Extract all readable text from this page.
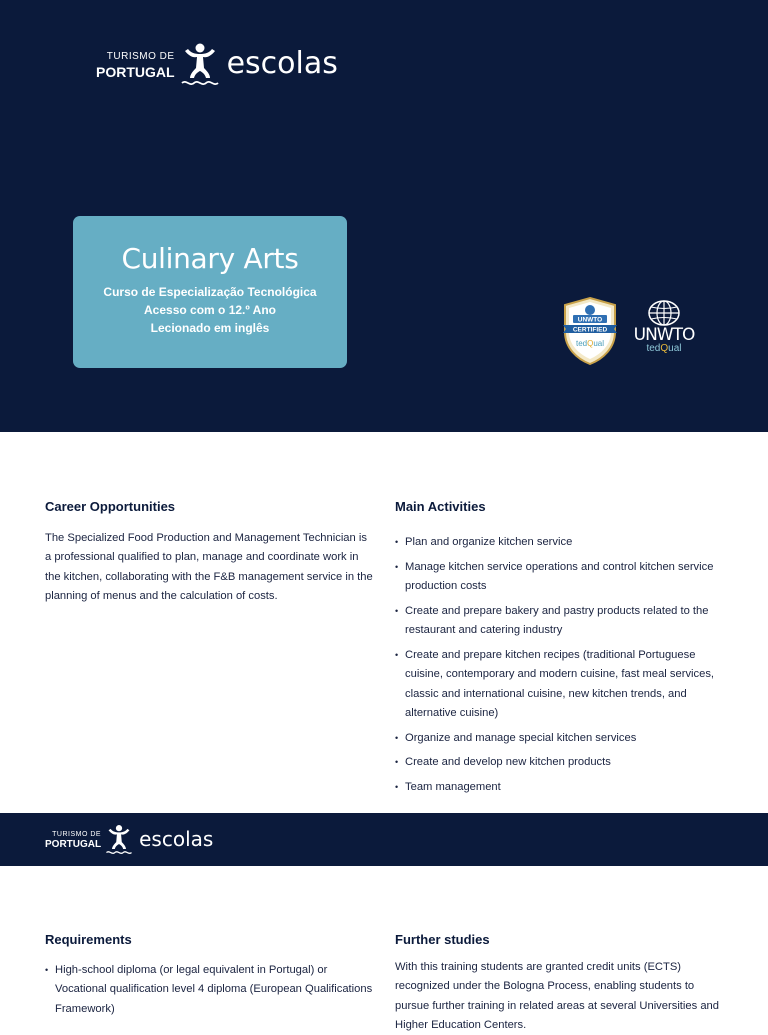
TURISMO DE
PORTUGAL escolas
Culinary Arts
Curso de Especialização Tecnológica
Acesso com o 12.º Ano
Lecionado em inglês
UNWTO
CERTIFIED
tedQual UNWTO
tedQual
Career Opportunities

The Specialized Food Production and Management Technician is a professional qualified to plan, manage and coordinate work in the kitchen, collaborating with the F&B management service in the planning of menus and the calculation of costs.

Main Activities
• Plan and organize kitchen service
• Manage kitchen service operations and control kitchen service production costs
• Create and prepare bakery and pastry products related to the restaurant and catering industry
• Create and prepare kitchen recipes (traditional Portuguese cuisine, contemporary and modern cuisine, fast meal services, classic and international cuisine, new kitchen trends, and alternative cuisine)
• Organize and manage special kitchen services
• Create and develop new kitchen products
• Team management
TURISMO DE
PORTUGAL escolas
Requirements
• High-school diploma (or legal equivalent in Portugal) or Vocational qualification level 4 diploma (European Qualifications Framework)
Further studies

With this training students are granted credit units (ECTS) recognized under the Bologna Process, enabling students to pursue further training in related areas at several Universities and Higher Education Centers.
